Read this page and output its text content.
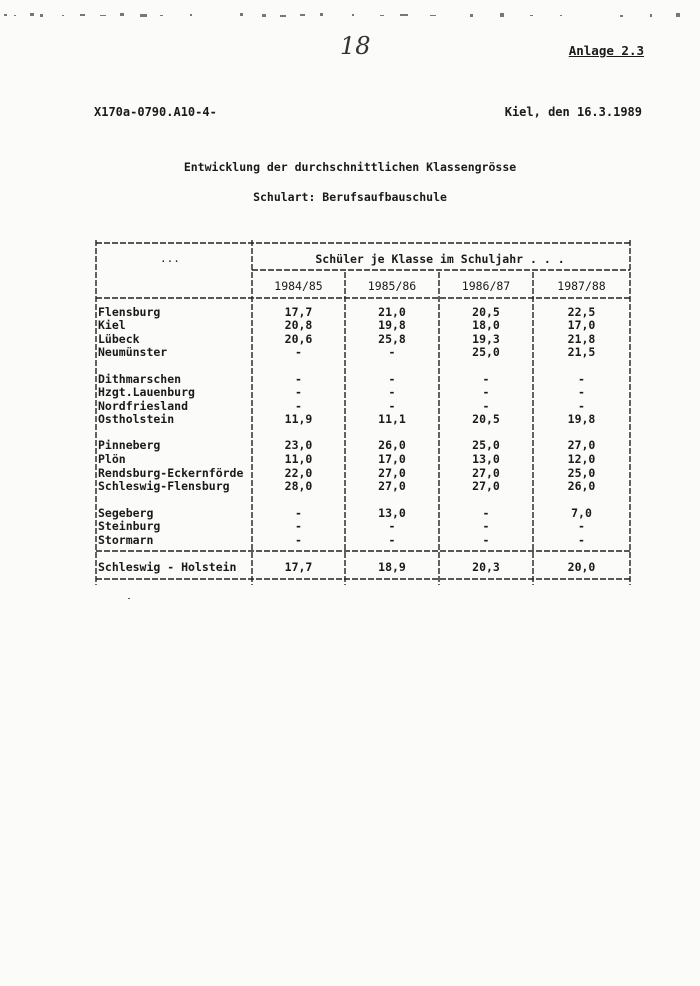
18	Anlage 2.3
X170a-0790.A10-4-	Kiel, den 16.3.1989
Entwicklung der durchschnittlichen Klassengrösse
Schulart: Berufsaufbauschule
...	Schüler je Klasse im Schuljahr . . .
1984/85	1985/86	1986/87	1987/88
Flensburg	17,7	21,0	20,5	22,5
Kiel	20,8	19,8	18,0	17,0
Lübeck	20,6	25,8	19,3	21,8
Neumünster	-	-	25,0	21,5
Dithmarschen	-	-	-	-
Hzgt.Lauenburg	-	-	-	-
Nordfriesland	-	-	-	-
Ostholstein	11,9	11,1	20,5	19,8
Pinneberg	23,0	26,0	25,0	27,0
Plön	11,0	17,0	13,0	12,0
Rendsburg-Eckernförde	22,0	27,0	27,0	25,0
Schleswig-Flensburg	28,0	27,0	27,0	26,0
Segeberg	-	13,0	-	7,0
Steinburg	-	-	-	-
Stormarn	-	-	-	-
Schleswig - Holstein	17,7	18,9	20,3	20,0
